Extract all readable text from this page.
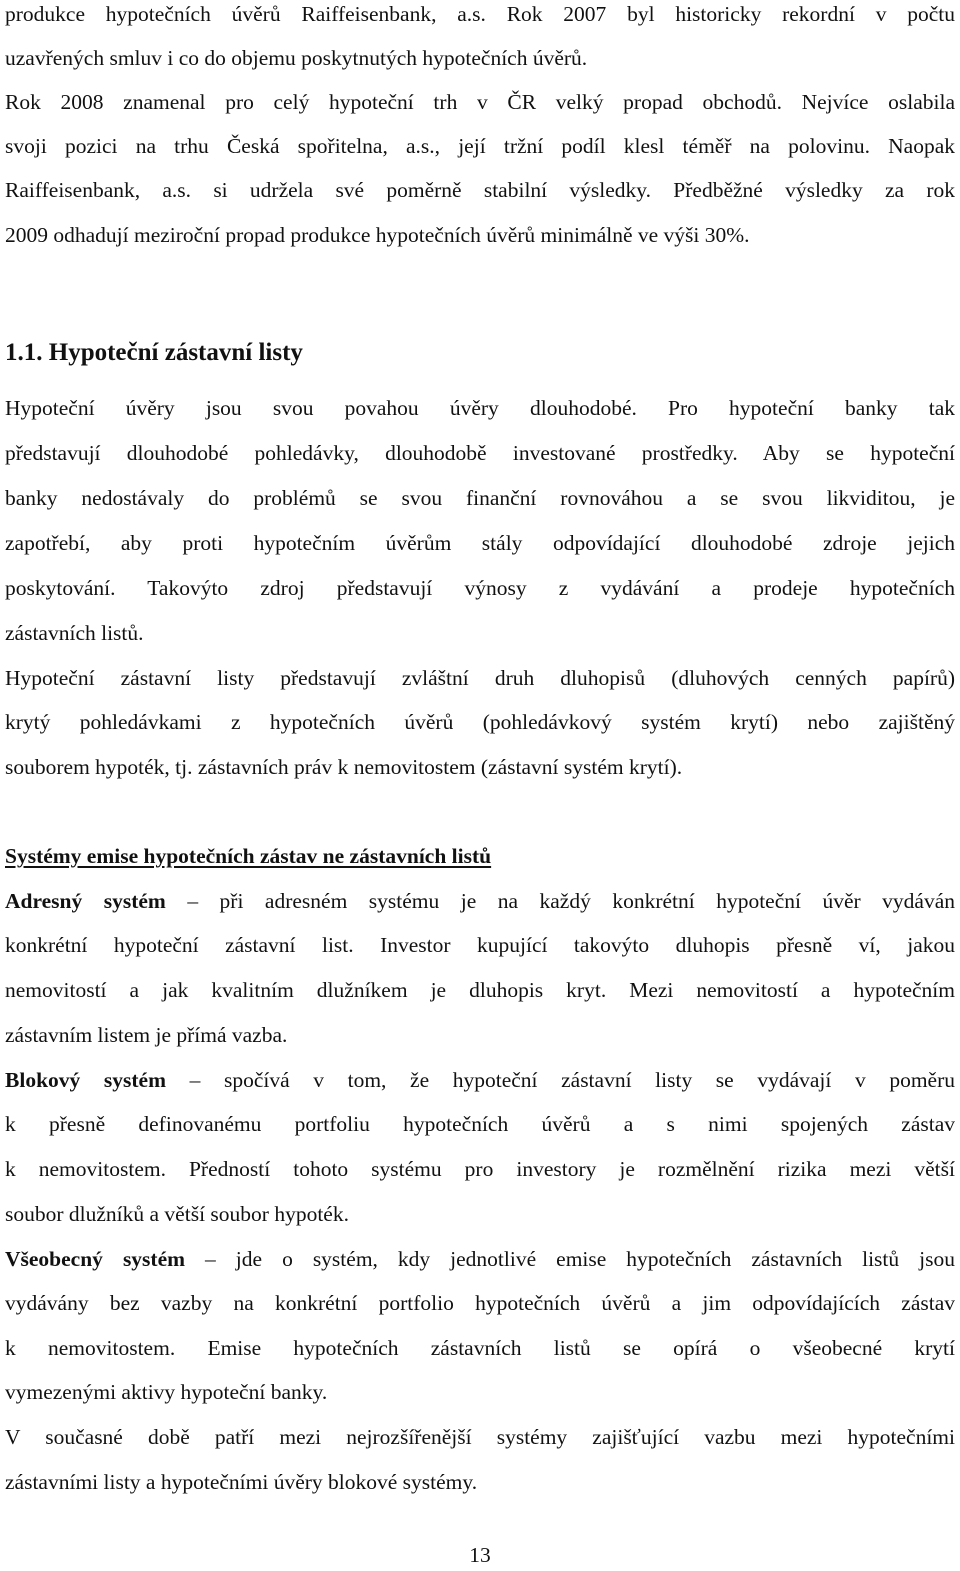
produkce hypotečních úvěrů Raiffeisenbank, a.s. Rok 2007 byl historicky rekordní v počtu
uzavřených smluv i co do objemu poskytnutých hypotečních úvěrů.
Rok 2008 znamenal pro celý hypoteční trh v ČR velký propad obchodů. Nejvíce oslabila
svoji pozici na trhu Česká spořitelna, a.s., její tržní podíl klesl téměř na polovinu. Naopak
Raiffeisenbank, a.s. si udržela své poměrně stabilní výsledky. Předběžné výsledky za rok
2009 odhadují meziroční propad produkce hypotečních úvěrů minimálně ve výši 30%.
1.1. Hypoteční zástavní listy
Hypoteční úvěry jsou svou povahou úvěry dlouhodobé. Pro hypoteční banky tak
představují dlouhodobé pohledávky, dlouhodobě investované prostředky. Aby se hypoteční
banky nedostávaly do problémů se svou finanční rovnováhou a se svou likviditou, je
zapotřebí, aby proti hypotečním úvěrům stály odpovídající dlouhodobé zdroje jejich
poskytování. Takovýto zdroj představují výnosy z vydávání a prodeje hypotečních
zástavních listů.
Hypoteční zástavní listy představují zvláštní druh dluhopisů (dluhových cenných papírů)
krytý pohledávkami z hypotečních úvěrů (pohledávkový systém krytí) nebo zajištěný
souborem hypoték, tj. zástavních práv k nemovitostem (zástavní systém krytí).
Systémy emise hypotečních zástav ne zástavních listů
Adresný systém – při adresném systému je na každý konkrétní hypoteční úvěr vydáván
konkrétní hypoteční zástavní list. Investor kupující takovýto dluhopis přesně ví, jakou
nemovitostí a jak kvalitním dlužníkem je dluhopis kryt. Mezi nemovitostí a hypotečním
zástavním listem je přímá vazba.
Blokový systém – spočívá v tom, že hypoteční zástavní listy se vydávají v poměru
k přesně definovanému portfoliu hypotečních úvěrů a s nimi spojených zástav
k nemovitostem. Předností tohoto systému pro investory je rozmělnění rizika mezi větší
soubor dlužníků a větší soubor hypoték.
Všeobecný systém – jde o systém, kdy jednotlivé emise hypotečních zástavních listů jsou
vydávány bez vazby na konkrétní portfolio hypotečních úvěrů a jim odpovídajících zástav
k nemovitostem. Emise hypotečních zástavních listů se opírá o všeobecné krytí
vymezenými aktivy hypoteční banky.
V současné době patří mezi nejrozšířenější systémy zajišťující vazbu mezi hypotečními
zástavními listy a hypotečními úvěry blokové systémy.
13
